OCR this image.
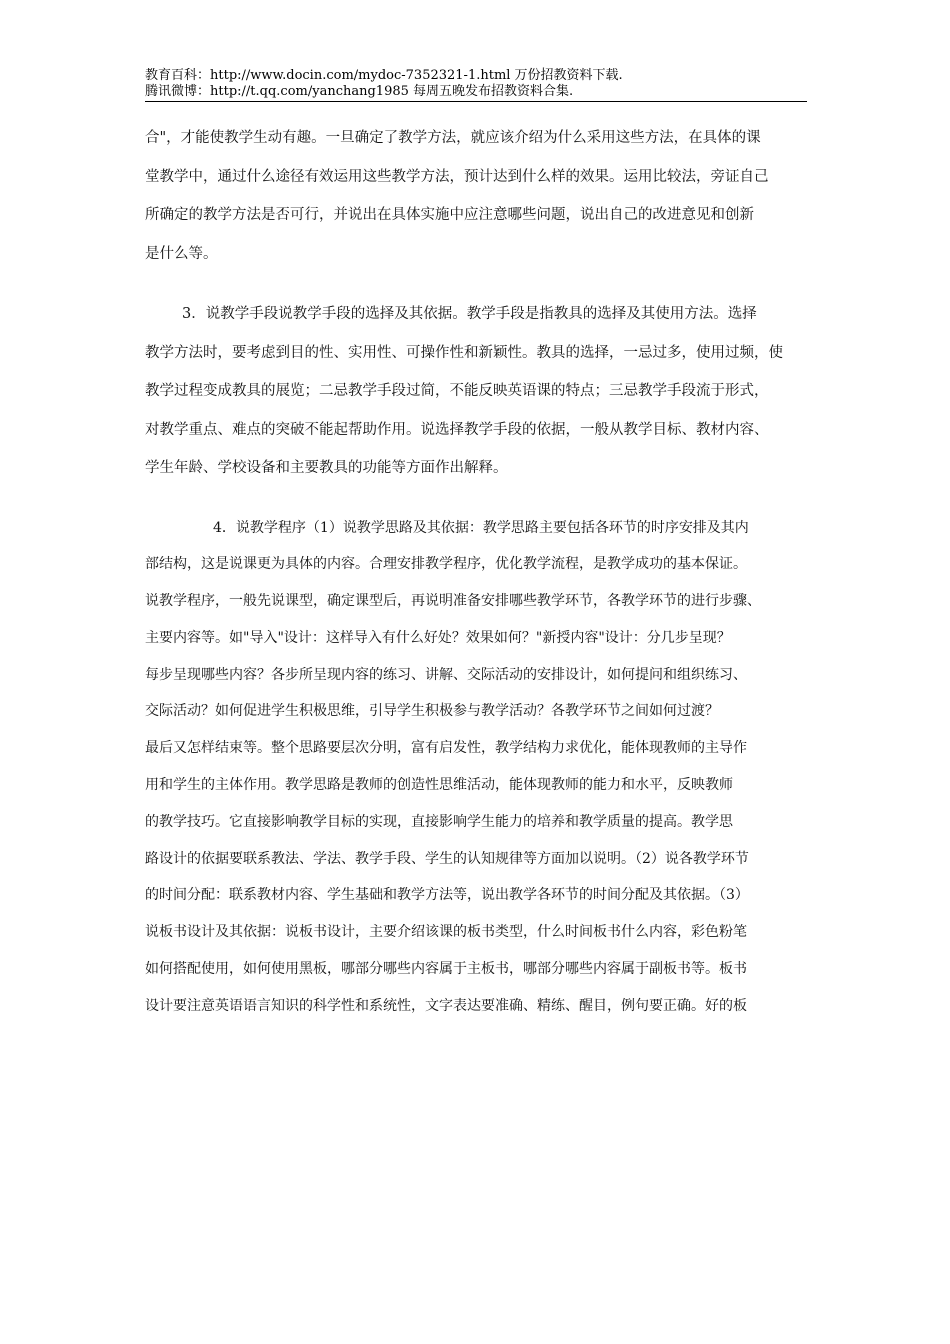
教育百科：http://www.docin.com/mydoc-7352321-1.html 万份招教资料下载.
腾讯微博：http://t.qq.com/yanchang1985 每周五晚发布招教资料合集.
合"，才能使教学生动有趣。一旦确定了教学方法，就应该介绍为什么采用这些方法，在具体的课
堂教学中，通过什么途径有效运用这些教学方法，预计达到什么样的效果。运用比较法，旁证自己
所确定的教学方法是否可行，并说出在具体实施中应注意哪些问题，说出自己的改进意见和创新
是什么等。
3．说教学手段说教学手段的选择及其依据。教学手段是指教具的选择及其使用方法。选择
教学方法时，要考虑到目的性、实用性、可操作性和新颖性。教具的选择，一忌过多，使用过频，使
教学过程变成教具的展览；二忌教学手段过简，不能反映英语课的特点；三忌教学手段流于形式，
对教学重点、难点的突破不能起帮助作用。说选择教学手段的依据，一般从教学目标、教材内容、
学生年龄、学校设备和主要教具的功能等方面作出解释。
4．说教学程序（1）说教学思路及其依据：教学思路主要包括各环节的时序安排及其内
部结构，这是说课更为具体的内容。合理安排教学程序，优化教学流程，是教学成功的基本保证。
说教学程序，一般先说课型，确定课型后，再说明准备安排哪些教学环节，各教学环节的进行步骤、
主要内容等。如"导入"设计：这样导入有什么好处？效果如何？"新授内容"设计：分几步呈现？
每步呈现哪些内容？各步所呈现内容的练习、讲解、交际活动的安排设计，如何提问和组织练习、
交际活动？如何促进学生积极思维，引导学生积极参与教学活动？各教学环节之间如何过渡？
最后又怎样结束等。整个思路要层次分明，富有启发性，教学结构力求优化，能体现教师的主导作
用和学生的主体作用。教学思路是教师的创造性思维活动，能体现教师的能力和水平，反映教师
的教学技巧。它直接影响教学目标的实现，直接影响学生能力的培养和教学质量的提高。教学思
路设计的依据要联系教法、学法、教学手段、学生的认知规律等方面加以说明。（2）说各教学环节
的时间分配：联系教材内容、学生基础和教学方法等，说出教学各环节的时间分配及其依据。（3）
说板书设计及其依据：说板书设计，主要介绍该课的板书类型，什么时间板书什么内容，彩色粉笔
如何搭配使用，如何使用黑板，哪部分哪些内容属于主板书，哪部分哪些内容属于副板书等。板书
设计要注意英语语言知识的科学性和系统性，文字表达要准确、精练、醒目，例句要正确。好的板
